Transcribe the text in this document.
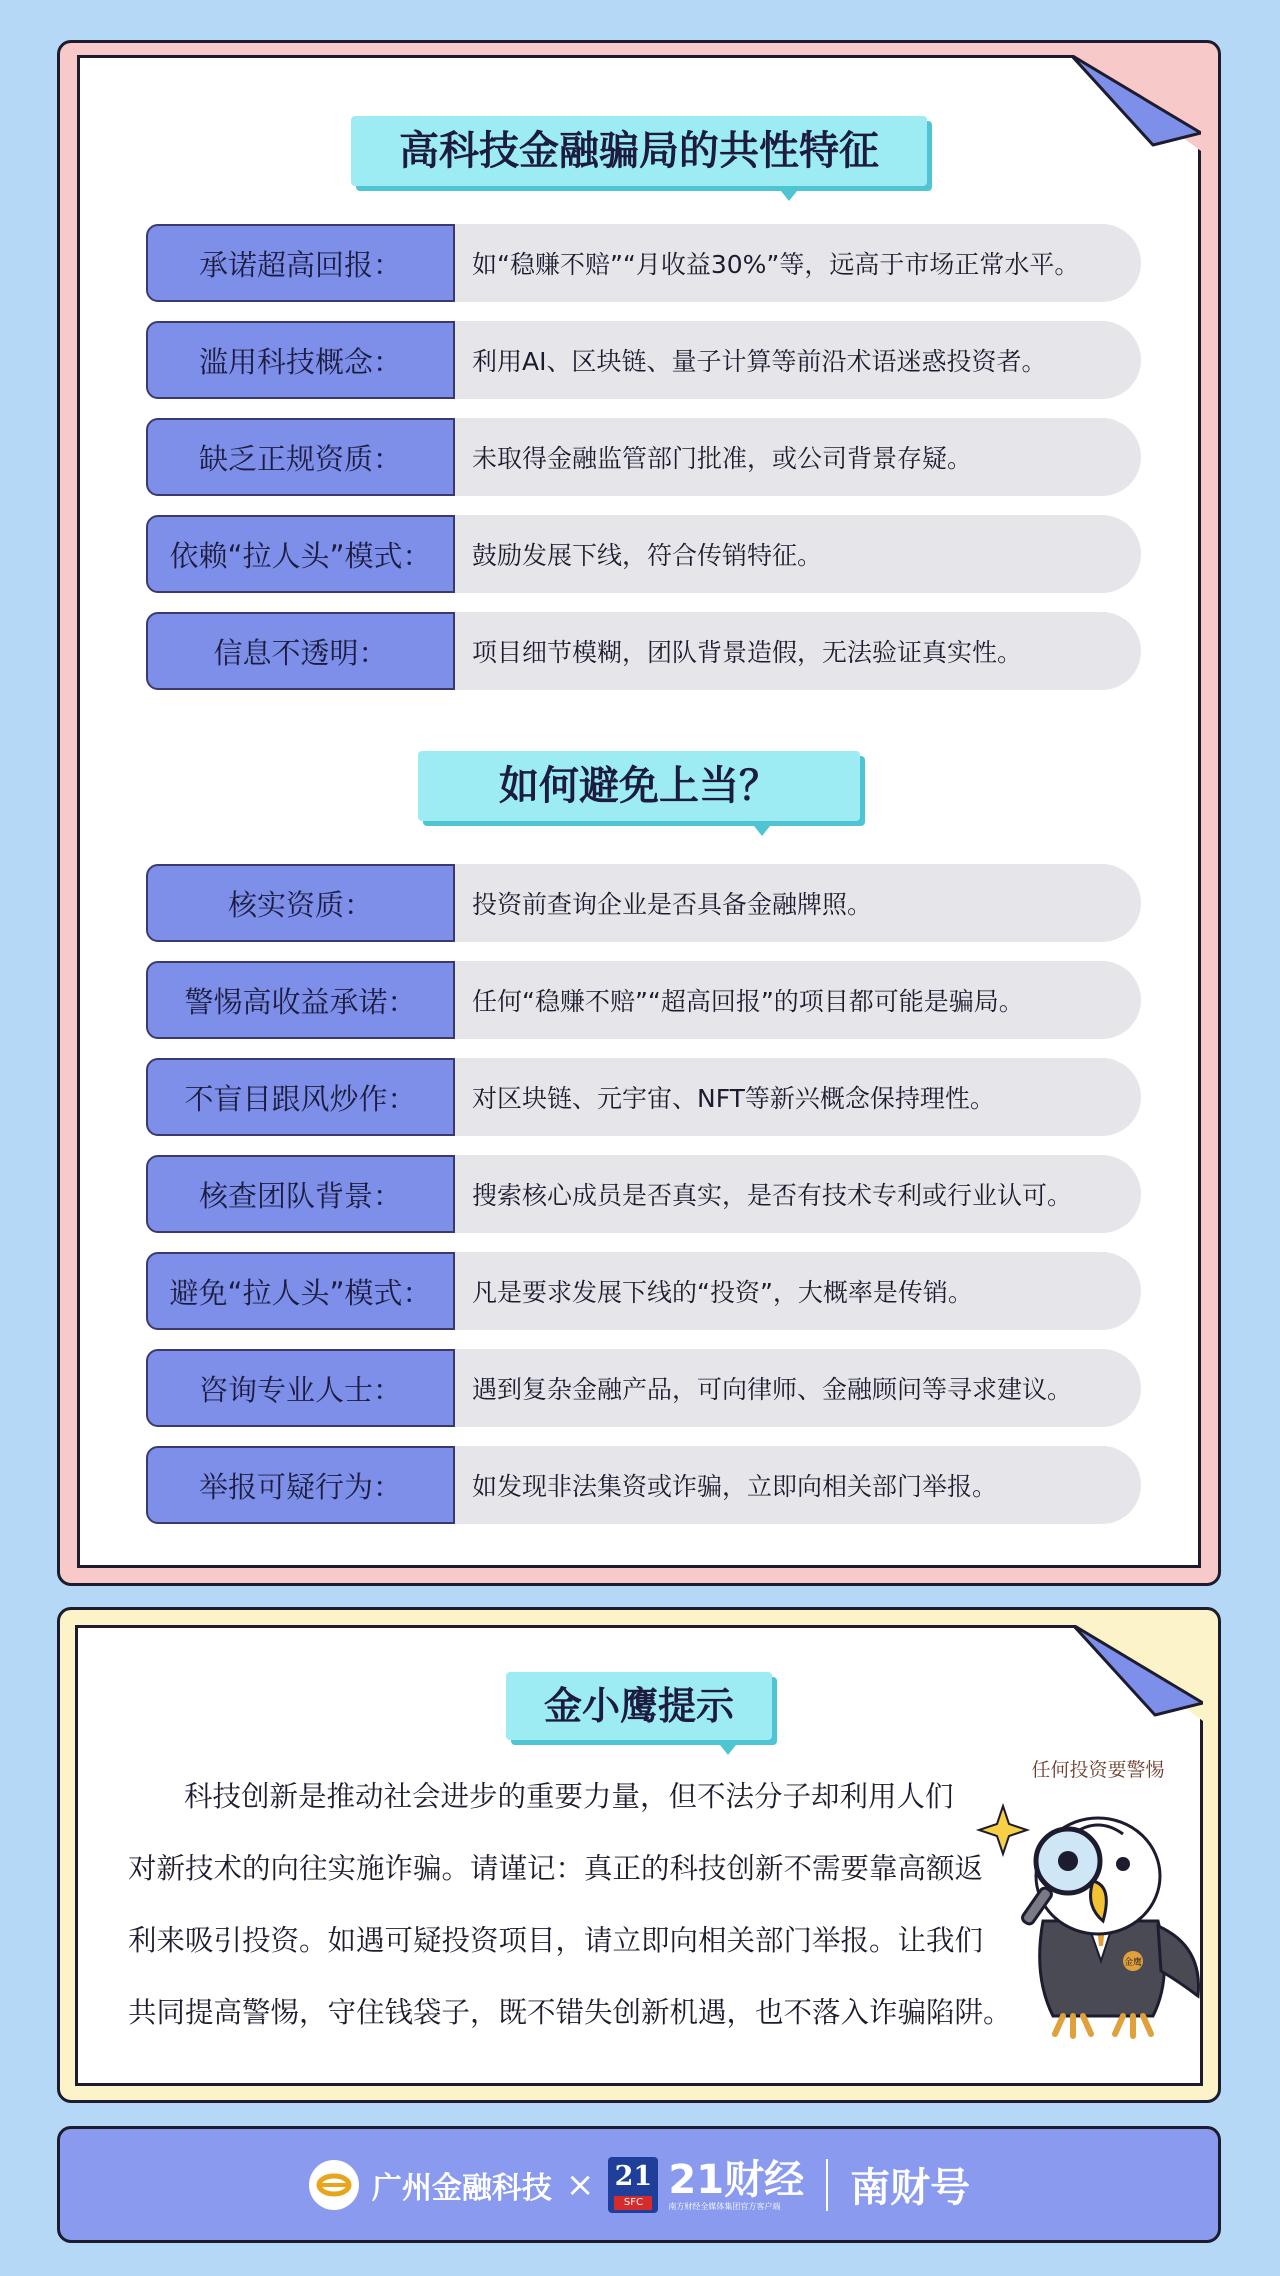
高科技金融骗局的共性特征
承诺超高回报：	如“稳赚不赔”“月收益30%”等，远高于市场正常水平。
滥用科技概念：	利用AI、区块链、量子计算等前沿术语迷惑投资者。
缺乏正规资质：	未取得金融监管部门批准，或公司背景存疑。
依赖“拉人头”模式：	鼓励发展下线，符合传销特征。
信息不透明：	项目细节模糊，团队背景造假，无法验证真实性。
如何避免上当？
核实资质：	投资前查询企业是否具备金融牌照。
警惕高收益承诺：	任何“稳赚不赔”“超高回报”的项目都可能是骗局。
不盲目跟风炒作：	对区块链、元宇宙、NFT等新兴概念保持理性。
核查团队背景：	搜索核心成员是否真实，是否有技术专利或行业认可。
避免“拉人头”模式：	凡是要求发展下线的“投资”，大概率是传销。
咨询专业人士：	遇到复杂金融产品，可向律师、金融顾问等寻求建议。
举报可疑行为：	如发现非法集资或诈骗，立即向相关部门举报。
金小鹰提示

科技创新是推动社会进步的重要力量，但不法分子却利用人们

对新技术的向往实施诈骗。请谨记：真正的科技创新不需要靠高额返

利来吸引投资。如遇可疑投资项目，请立即向相关部门举报。让我们

共同提高警惕，守住钱袋子，既不错失创新机遇，也不落入诈骗陷阱。

任何投资要警惕
金鹰
广州金融科技 × 21
SFC 21财经
南方财经全媒体集团官方客户端	南财号
